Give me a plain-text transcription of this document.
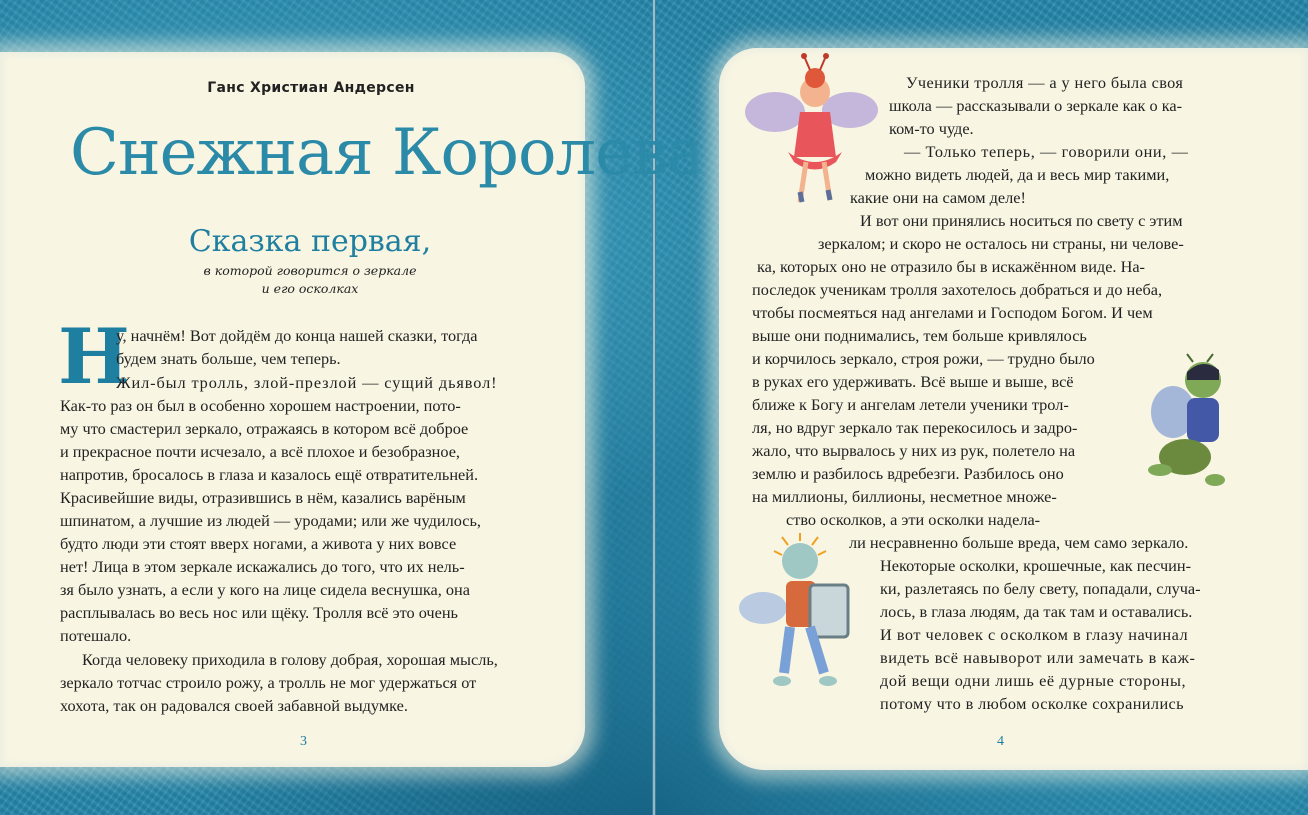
Ганс Христиан Андерсен
Снежная Королева
Сказка первая,
в которой говорится о зеркале
и его осколках
Н
у, начнём! Вот дойдём до конца нашей сказки, тогда
будем знать больше, чем теперь.
Жил-был тролль, злой-презлой — сущий дьявол!
Как-то раз он был в особенно хорошем настроении, пото-
му что смастерил зеркало, отражаясь в котором всё доброе
и прекрасное почти исчезало, а всё плохое и безобразное,
напротив, бросалось в глаза и казалось ещё отвратительней.
Красивейшие виды, отразившись в нём, казались варёным
шпинатом, а лучшие из людей — уродами; или же чудилось,
будто люди эти стоят вверх ногами, а живота у них вовсе
нет! Лица в этом зеркале искажались до того, что их нель-
зя было узнать, а если у кого на лице сидела веснушка, она
расплывалась во весь нос или щёку. Тролля всё это очень
потешало.
Когда человеку приходила в голову добрая, хорошая мысль,
зеркало тотчас строило рожу, а тролль не мог удержаться от
хохота, так он радовался своей забавной выдумке.
3
Ученики тролля — а у него была своя
школа — рассказывали о зеркале как о ка-
ком-то чуде.
— Только теперь, — говорили они, —
можно видеть людей, да и весь мир такими,
какие они на самом деле!
И вот они принялись носиться по свету с этим
зеркалом; и скоро не осталось ни страны, ни челове-
ка, которых оно не отразило бы в искажённом виде. На-
последок ученикам тролля захотелось добраться и до неба,
чтобы посмеяться над ангелами и Господом Богом. И чем
выше они поднимались, тем больше кривлялось
и корчилось зеркало, строя рожи, — трудно было
в руках его удерживать. Всё выше и выше, всё
ближе к Богу и ангелам летели ученики трол-
ля, но вдруг зеркало так перекосилось и задро-
жало, что вырвалось у них из рук, полетело на
землю и разбилось вдребезги. Разбилось оно
на миллионы, биллионы, несметное множе-
ство осколков, а эти осколки надела-
ли несравненно больше вреда, чем само зеркало.
Некоторые осколки, крошечные, как песчин-
ки, разлетаясь по белу свету, попадали, случа-
лось, в глаза людям, да так там и оставались.
И вот человек с осколком в глазу начинал
видеть всё навыворот или замечать в каж-
дой вещи одни лишь её дурные стороны,
потому что в любом осколке сохранились
4
